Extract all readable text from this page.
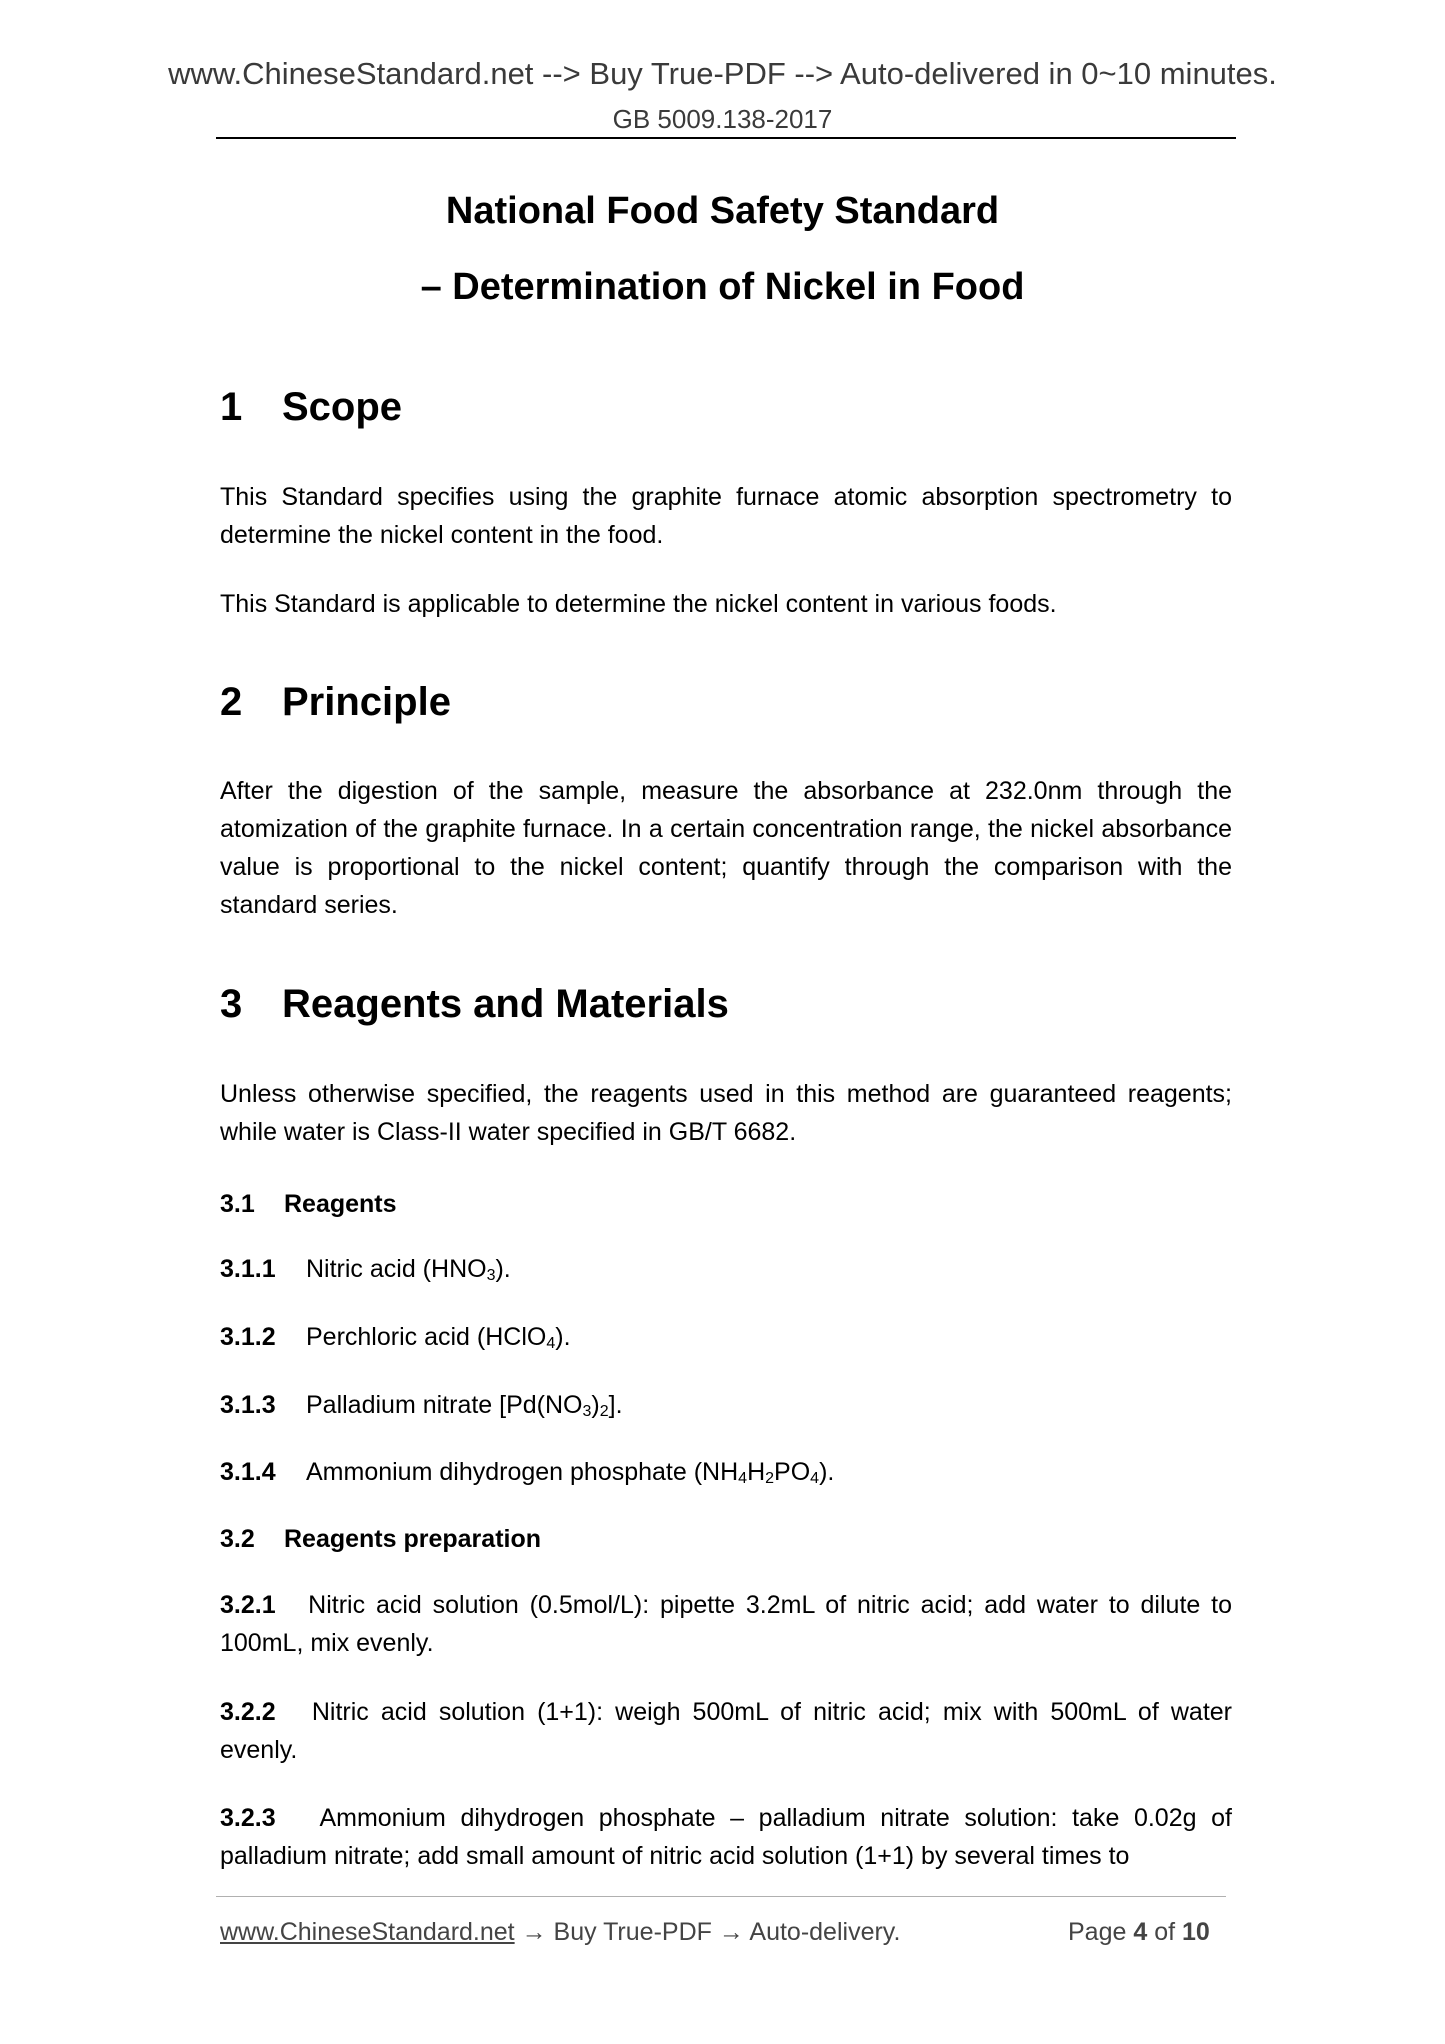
www.ChineseStandard.net --> Buy True-PDF --> Auto-delivered in 0~10 minutes.
GB 5009.138-2017
National Food Safety Standard
– Determination of Nickel in Food
1 Scope
This Standard specifies using the graphite furnace atomic absorption spectrometry to determine the nickel content in the food.
This Standard is applicable to determine the nickel content in various foods.
2 Principle
After the digestion of the sample, measure the absorbance at 232.0nm through the atomization of the graphite furnace. In a certain concentration range, the nickel absorbance value is proportional to the nickel content; quantify through the comparison with the standard series.
3 Reagents and Materials
Unless otherwise specified, the reagents used in this method are guaranteed reagents; while water is Class-II water specified in GB/T 6682.
3.1 Reagents
3.1.1 Nitric acid $(HNO_3)$.
3.1.2 Perchloric acid (HClO$_4$).
3.1.3 Palladium nitrate $[Pd(NO_3)_2]$.
3.1.4 Ammonium dihydrogen phosphate $(NH_4H_2PO_4)$.
3.2 Reagents preparation
3.2.1 Nitric acid solution (0.5mol/L): pipette 3.2mL of nitric acid; add water to dilute to 100mL, mix evenly.
3.2.2 Nitric acid solution (1+1): weigh 500mL of nitric acid; mix with 500mL of water evenly.
3.2.3 Ammonium dihydrogen phosphate – palladium nitrate solution: take 0.02g of palladium nitrate; add small amount of nitric acid solution (1+1) by several times to
www.ChineseStandard.net → Buy True-PDF → Auto-delivery.	Page 4 of 10
